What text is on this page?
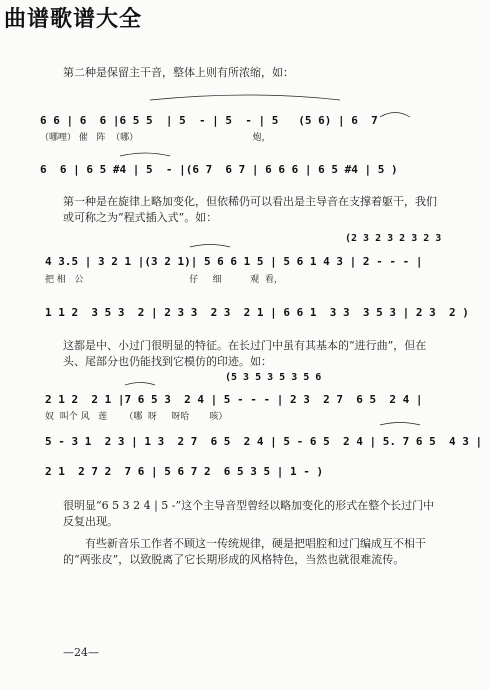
曲谱歌谱大全
第二种是保留主干音，整体上则有所浓缩，如：
6 6 | 6  6 |6 5 5  | 5  - | 5  - | 5   (5 6) | 6  7
（哪哩） 催   阵  （哪）                                        炮，
6  6 | 6 5 #4 | 5  - |(6 7  6 7 | 6 6 6 | 6 5 #4 | 5 )
第一种是在旋律上略加变化，但依稀仍可以看出是主导音在支撑着躯干，我们或可称之为“程式插入式”。如：
(2 3 2 3 2 3 2 3
4 3.5 | 3 2 1 |(3 2 1)| 5 6 6 1 5 | 5 6 1 4 3 | 2 - - - |
把 相   公                                     仔     细          观  看，
1 1 2  3 5 3  2 | 2 3 3  2 3  2 1 | 6 6 1  3 3  3 5 3 | 2 3  2 )
这都是中、小过门很明显的特征。在长过门中虽有其基本的“进行曲”，但在头、尾部分也仍能找到它模仿的印迹。如：
(5 3 5 3 5 3 5 6
2 1 2  2 1 |7 6 5 3  2 4 | 5 - - - | 2 3  2 7  6 5  2 4 |
奴  叫个 风   莲      （哪  呀     呀哈       咳）
5 - 3 1  2 3 | 1 3  2 7  6 5  2 4 | 5 - 6 5  2 4 | 5. 7 6 5  4 3 |
2 1  2 7 2  7 6 | 5 6 7 2  6 5 3 5 | 1 - )
很明显“6 5 3 2 4 | 5 -”这个主导音型曾经以略加变化的形式在整个长过门中反复出现。
有些新音乐工作者不顾这一传统规律，硬是把唱腔和过门编成互不相干的“两张皮”，以致脱离了它长期形成的风格特色，当然也就很难流传。
—24—
